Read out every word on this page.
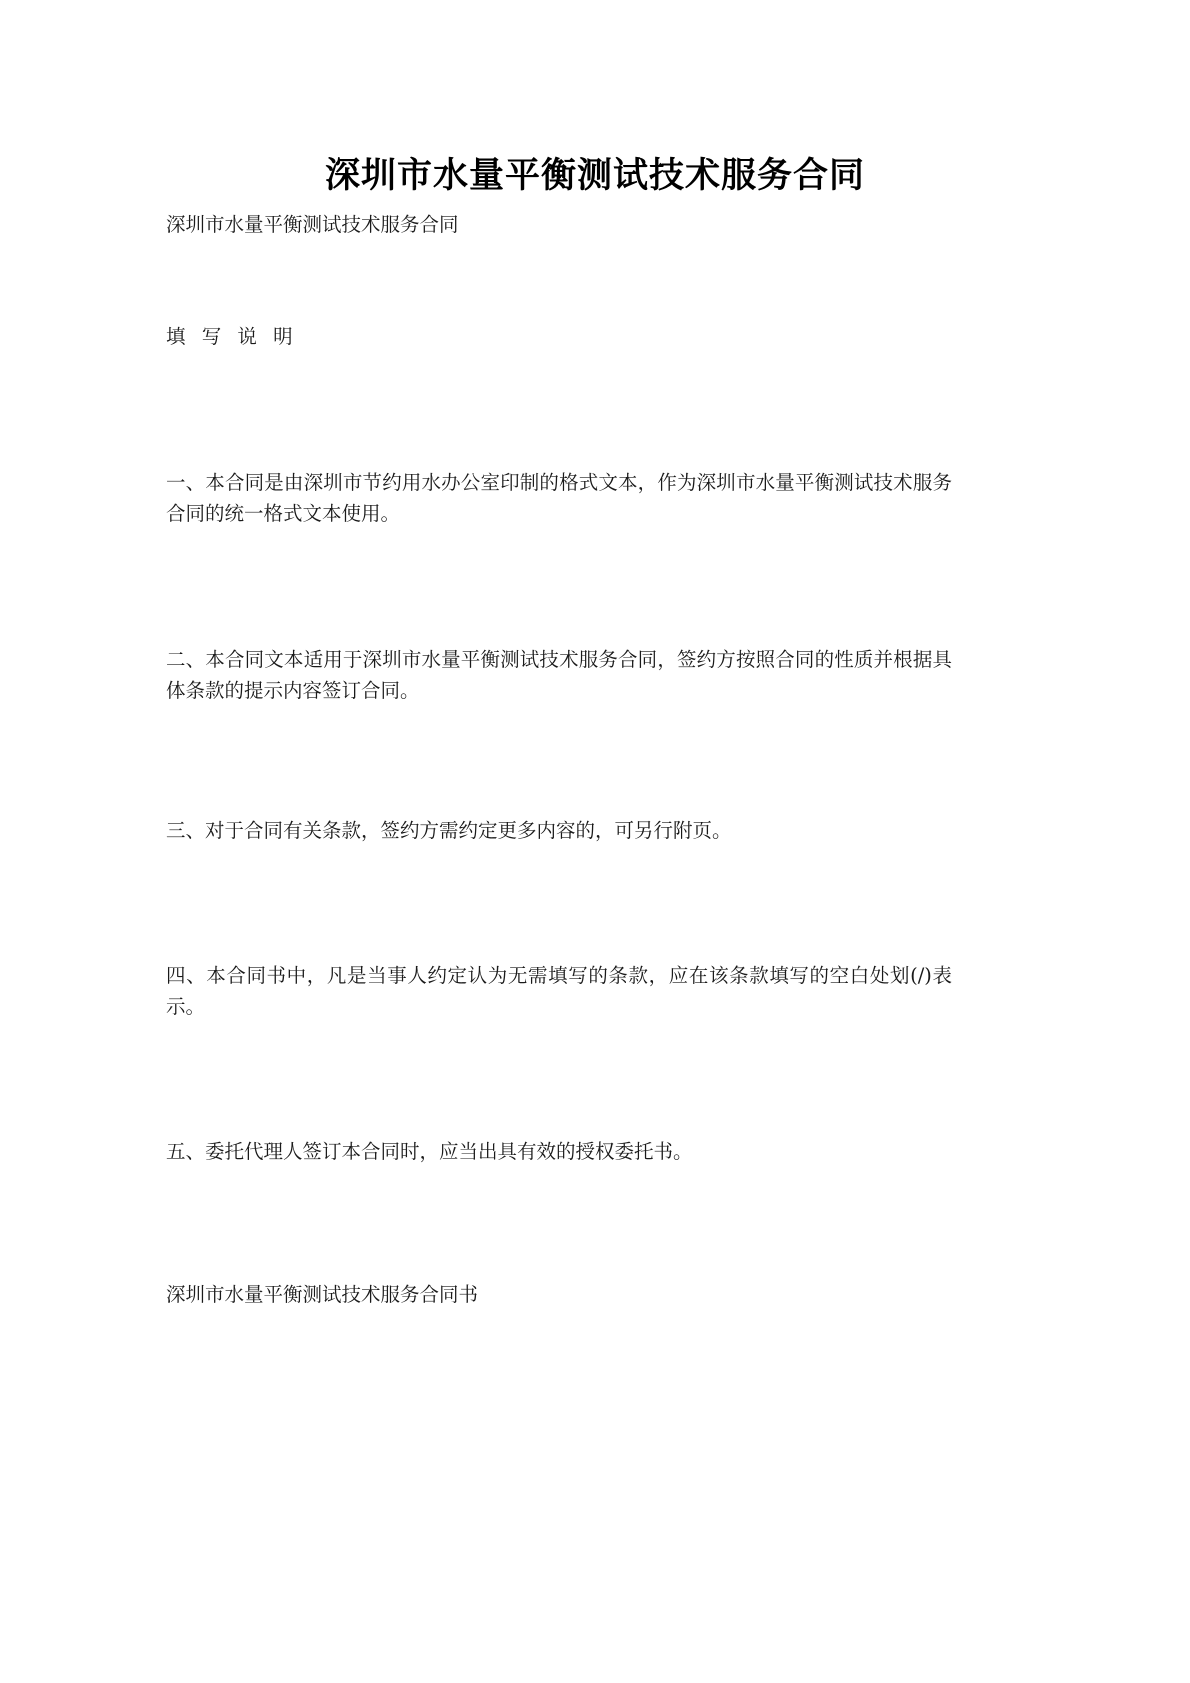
深圳市水量平衡测试技术服务合同
深圳市水量平衡测试技术服务合同
填 写 说 明
一、本合同是由深圳市节约用水办公室印制的格式文本，作为深圳市水量平衡测试技术服务合同的统一格式文本使用。
二、本合同文本适用于深圳市水量平衡测试技术服务合同，签约方按照合同的性质并根据具体条款的提示内容签订合同。
三、对于合同有关条款，签约方需约定更多内容的，可另行附页。
四、本合同书中，凡是当事人约定认为无需填写的条款，应在该条款填写的空白处划(/)表示。
五、委托代理人签订本合同时，应当出具有效的授权委托书。
深圳市水量平衡测试技术服务合同书
